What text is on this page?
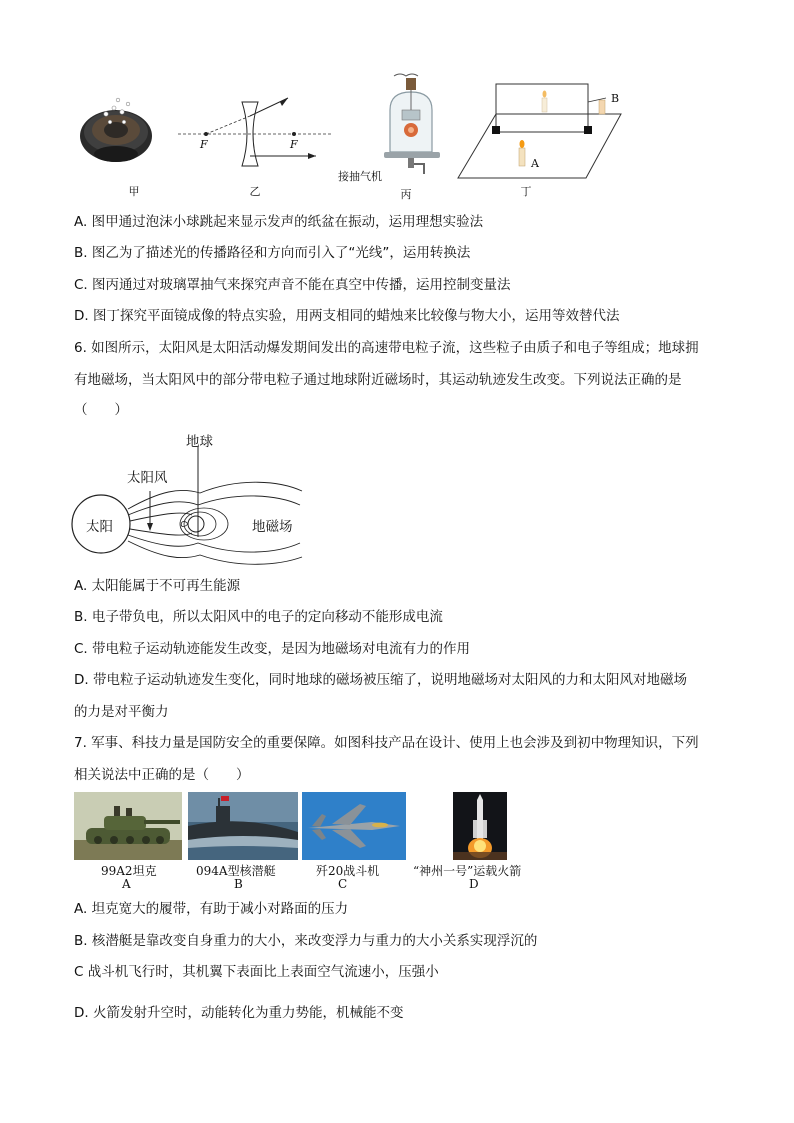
甲
F	F
乙
接抽气机
丙
A
B
丁
A. 图甲通过泡沫小球跳起来显示发声的纸盆在振动，运用理想实验法
B. 图乙为了描述光的传播路径和方向而引入了“光线”，运用转换法
C. 图丙通过对玻璃罩抽气来探究声音不能在真空中传播，运用控制变量法
D. 图丁探究平面镜成像的特点实验，用两支相同的蜡烛来比较像与物大小，运用等效替代法
6. 如图所示，太阳风是太阳活动爆发期间发出的高速带电粒子流，这些粒子由质子和电子等组成；地球拥
有地磁场，当太阳风中的部分带电粒子通过地球附近磁场时，其运动轨迹发生改变。下列说法正确的是
（　　）
地球
太阳风
太阳	地磁场
A. 太阳能属于不可再生能源
B. 电子带负电，所以太阳风中的电子的定向移动不能形成电流
C. 带电粒子运动轨迹能发生改变，是因为地磁场对电流有力的作用
D. 带电粒子运动轨迹发生变化，同时地球的磁场被压缩了，说明地磁场对太阳风的力和太阳风对地磁场
的力是对平衡力
7. 军事、科技力量是国防安全的重要保障。如图科技产品在设计、使用上也会涉及到初中物理知识，下列
相关说法中正确的是（　　）
99A2坦克
A
094A型核潜艇
B
歼20战斗机
C
“神州一号”运载火箭
D
A. 坦克宽大的履带，有助于减小对路面的压力
B. 核潜艇是靠改变自身重力的大小，来改变浮力与重力的大小关系实现浮沉的
C 战斗机飞行时，其机翼下表面比上表面空气流速小，压强小
D. 火箭发射升空时，动能转化为重力势能，机械能不变
